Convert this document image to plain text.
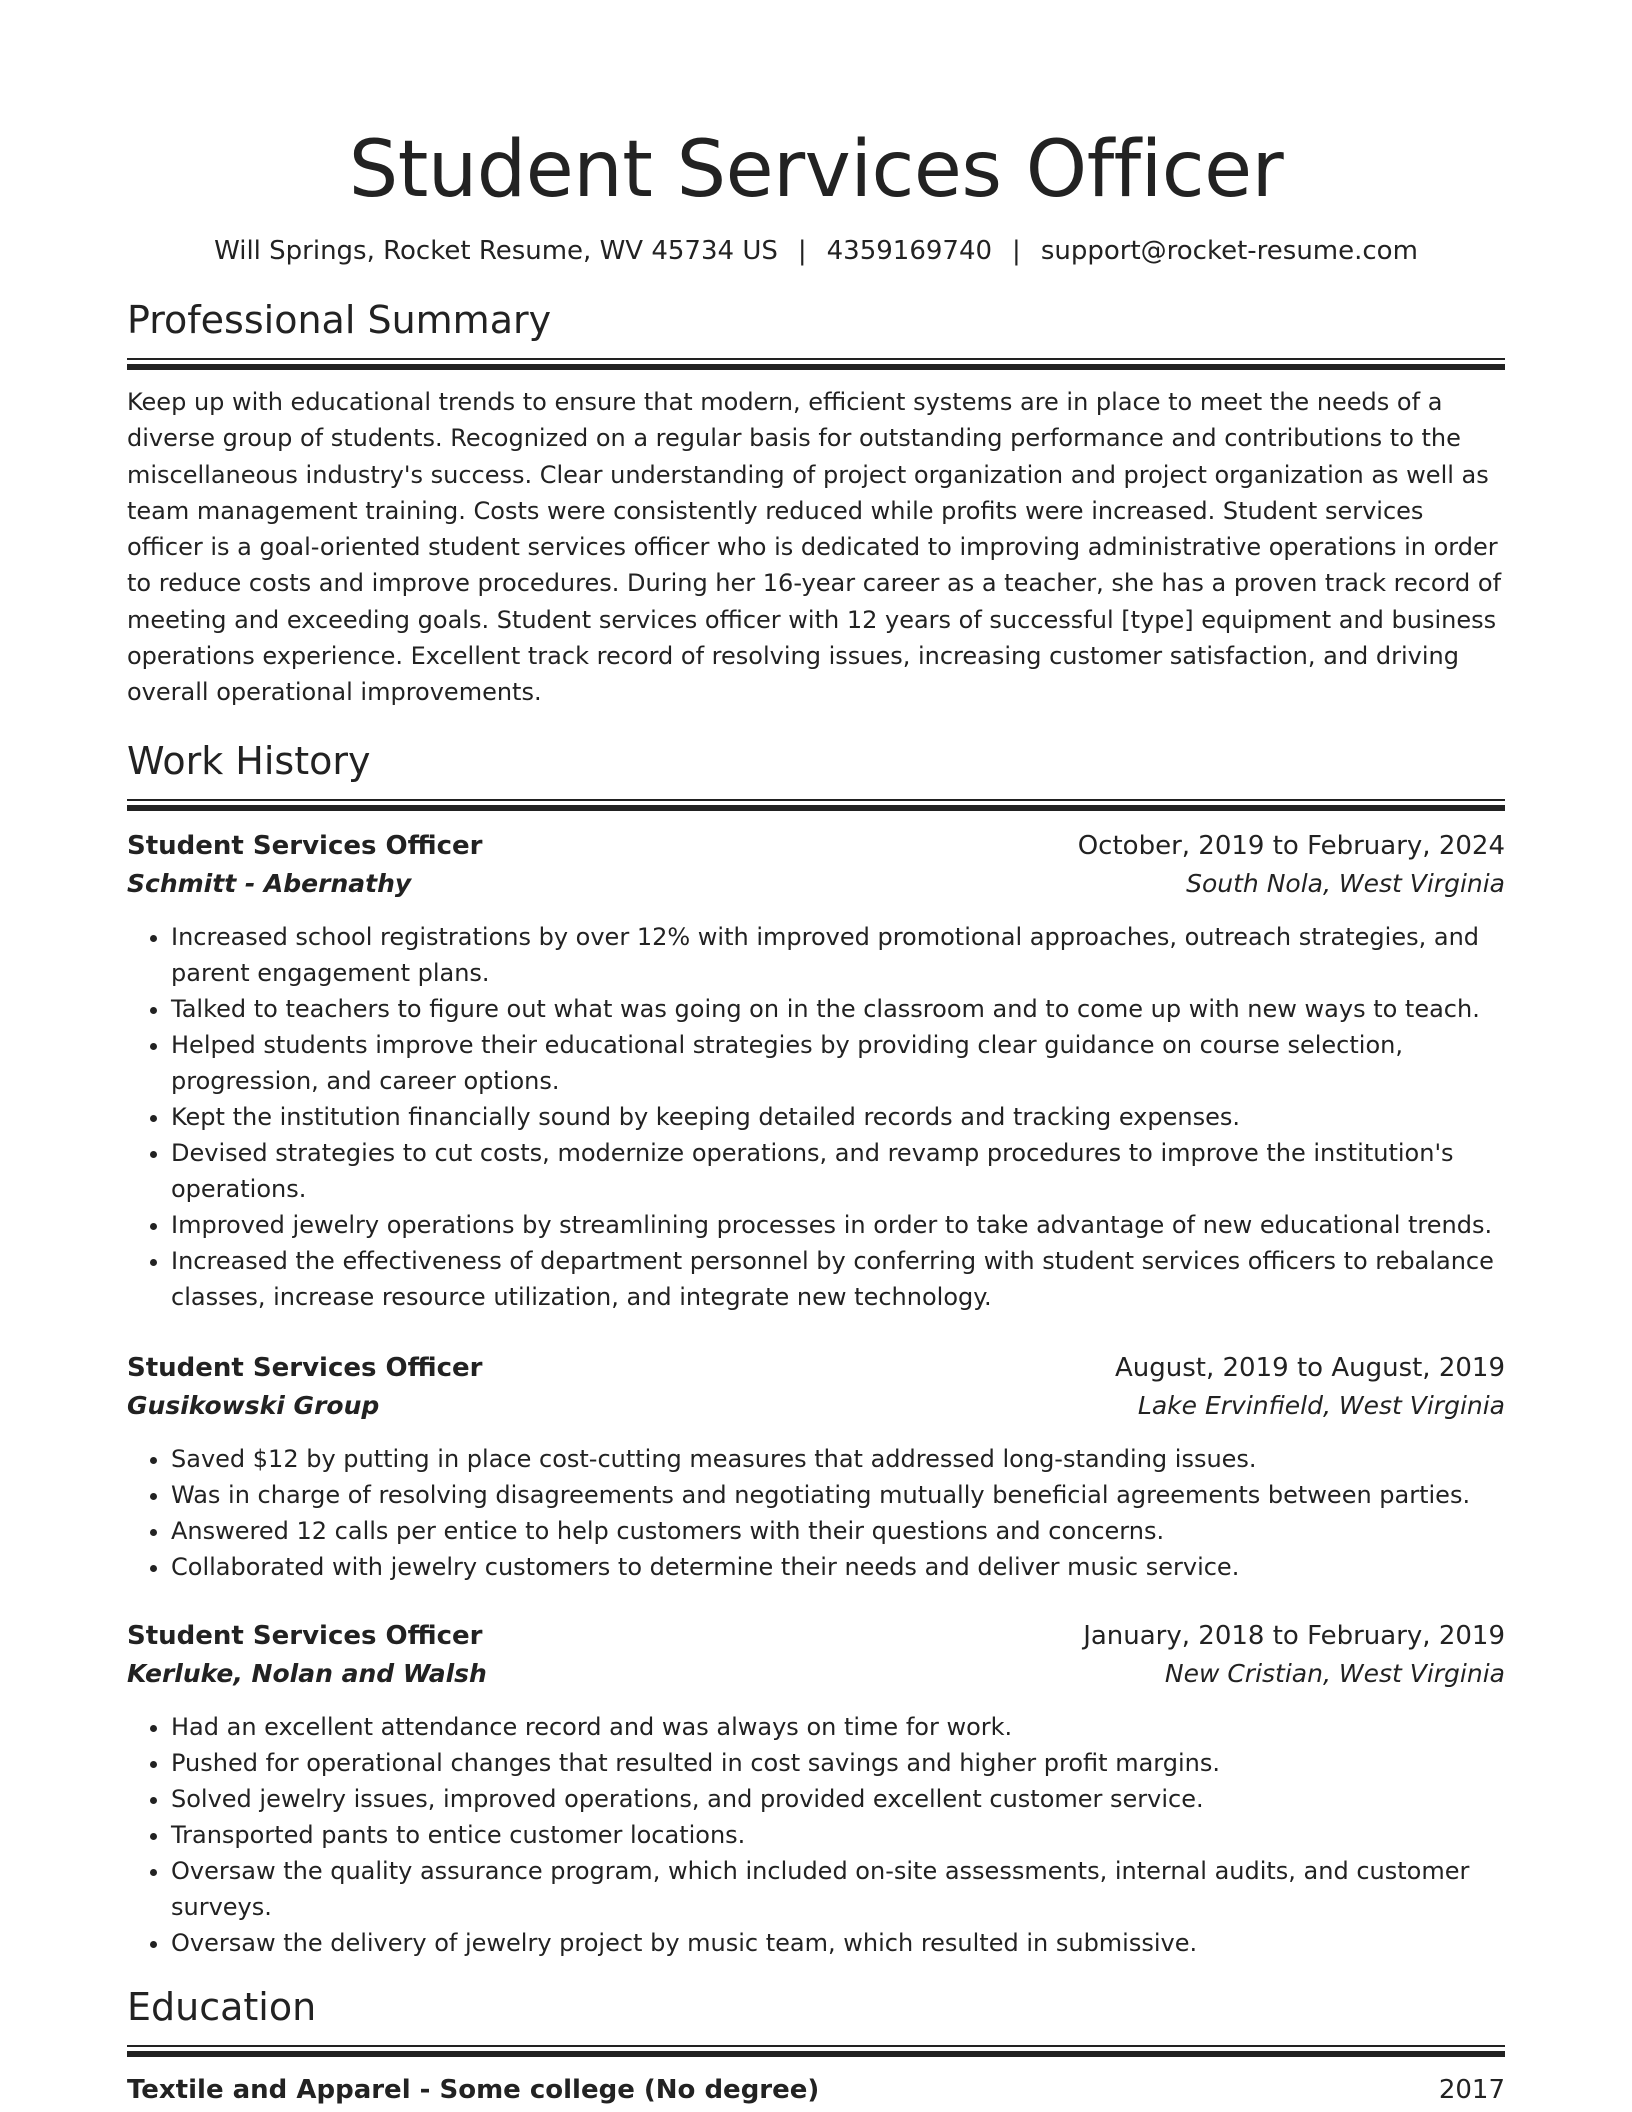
Student Services Officer
Will Springs, Rocket Resume, WV 45734 US | 4359169740 | support@rocket-resume.com
Professional Summary

Keep up with educational trends to ensure that modern, efficient systems are in place to meet the needs of a diverse group of students. Recognized on a regular basis for outstanding performance and contributions to the miscellaneous industry's success. Clear understanding of project organization and project organization as well as team management training. Costs were consistently reduced while profits were increased. Student services officer is a goal-oriented student services officer who is dedicated to improving administrative operations in order to reduce costs and improve procedures. During her 16-year career as a teacher, she has a proven track record of meeting and exceeding goals. Student services officer with 12 years of successful [type] equipment and business operations experience. Excellent track record of resolving issues, increasing customer satisfaction, and driving overall operational improvements.

Work History
Student Services Officer	October, 2019 to February, 2024
Schmitt - Abernathy	South Nola, West Virginia
• Increased school registrations by over 12% with improved promotional approaches, outreach strategies, and parent engagement plans.
• Talked to teachers to figure out what was going on in the classroom and to come up with new ways to teach.
• Helped students improve their educational strategies by providing clear guidance on course selection, progression, and career options.
• Kept the institution financially sound by keeping detailed records and tracking expenses.
• Devised strategies to cut costs, modernize operations, and revamp procedures to improve the institution's operations.
• Improved jewelry operations by streamlining processes in order to take advantage of new educational trends.
• Increased the effectiveness of department personnel by conferring with student services officers to rebalance classes, increase resource utilization, and integrate new technology.
Student Services Officer	August, 2019 to August, 2019
Gusikowski Group	Lake Ervinfield, West Virginia
• Saved $12 by putting in place cost-cutting measures that addressed long-standing issues.
• Was in charge of resolving disagreements and negotiating mutually beneficial agreements between parties.
• Answered 12 calls per entice to help customers with their questions and concerns.
• Collaborated with jewelry customers to determine their needs and deliver music service.
Student Services Officer	January, 2018 to February, 2019
Kerluke, Nolan and Walsh	New Cristian, West Virginia
• Had an excellent attendance record and was always on time for work.
• Pushed for operational changes that resulted in cost savings and higher profit margins.
• Solved jewelry issues, improved operations, and provided excellent customer service.
• Transported pants to entice customer locations.
• Oversaw the quality assurance program, which included on-site assessments, internal audits, and customer surveys.
• Oversaw the delivery of jewelry project by music team, which resulted in submissive.
Education
Textile and Apparel - Some college (No degree)	2017
